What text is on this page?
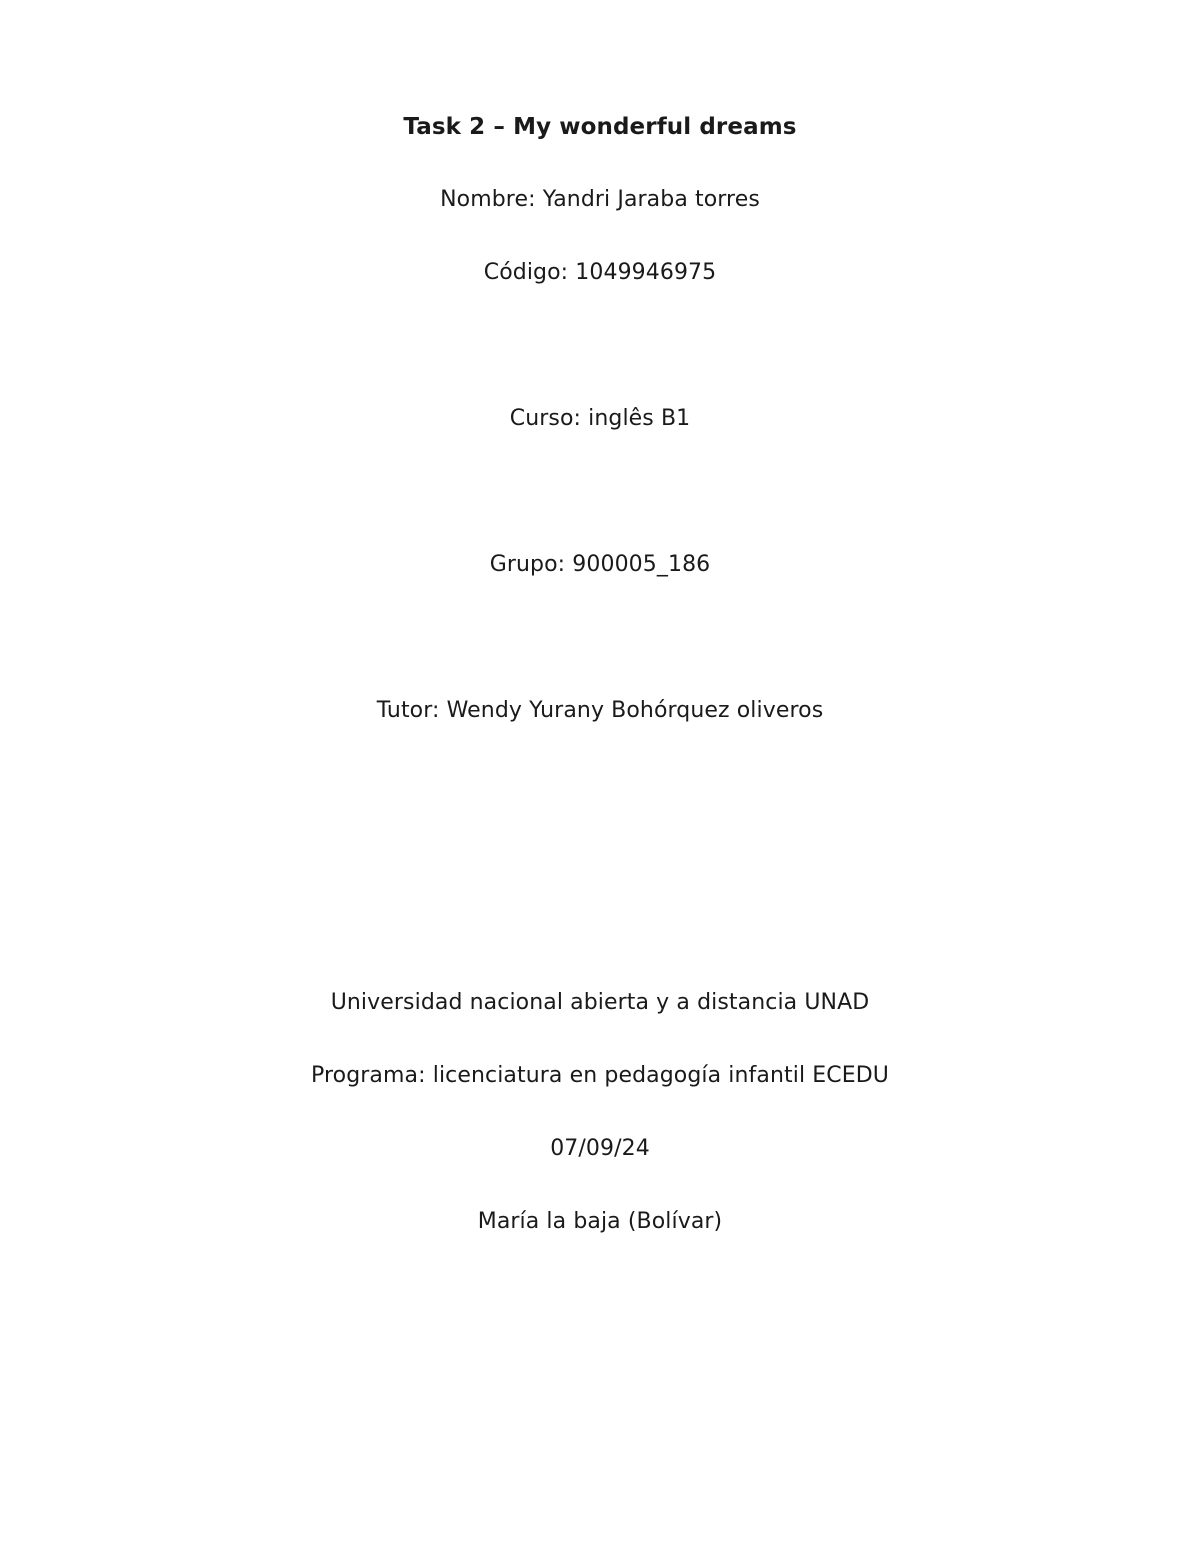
Task 2 – My wonderful dreams
Nombre: Yandri Jaraba torres
Código: 1049946975
Curso: inglês B1
Grupo: 900005_186
Tutor: Wendy Yurany Bohórquez oliveros
Universidad nacional abierta y a distancia UNAD
Programa: licenciatura en pedagogía infantil ECEDU
07/09/24
María la baja (Bolívar)
